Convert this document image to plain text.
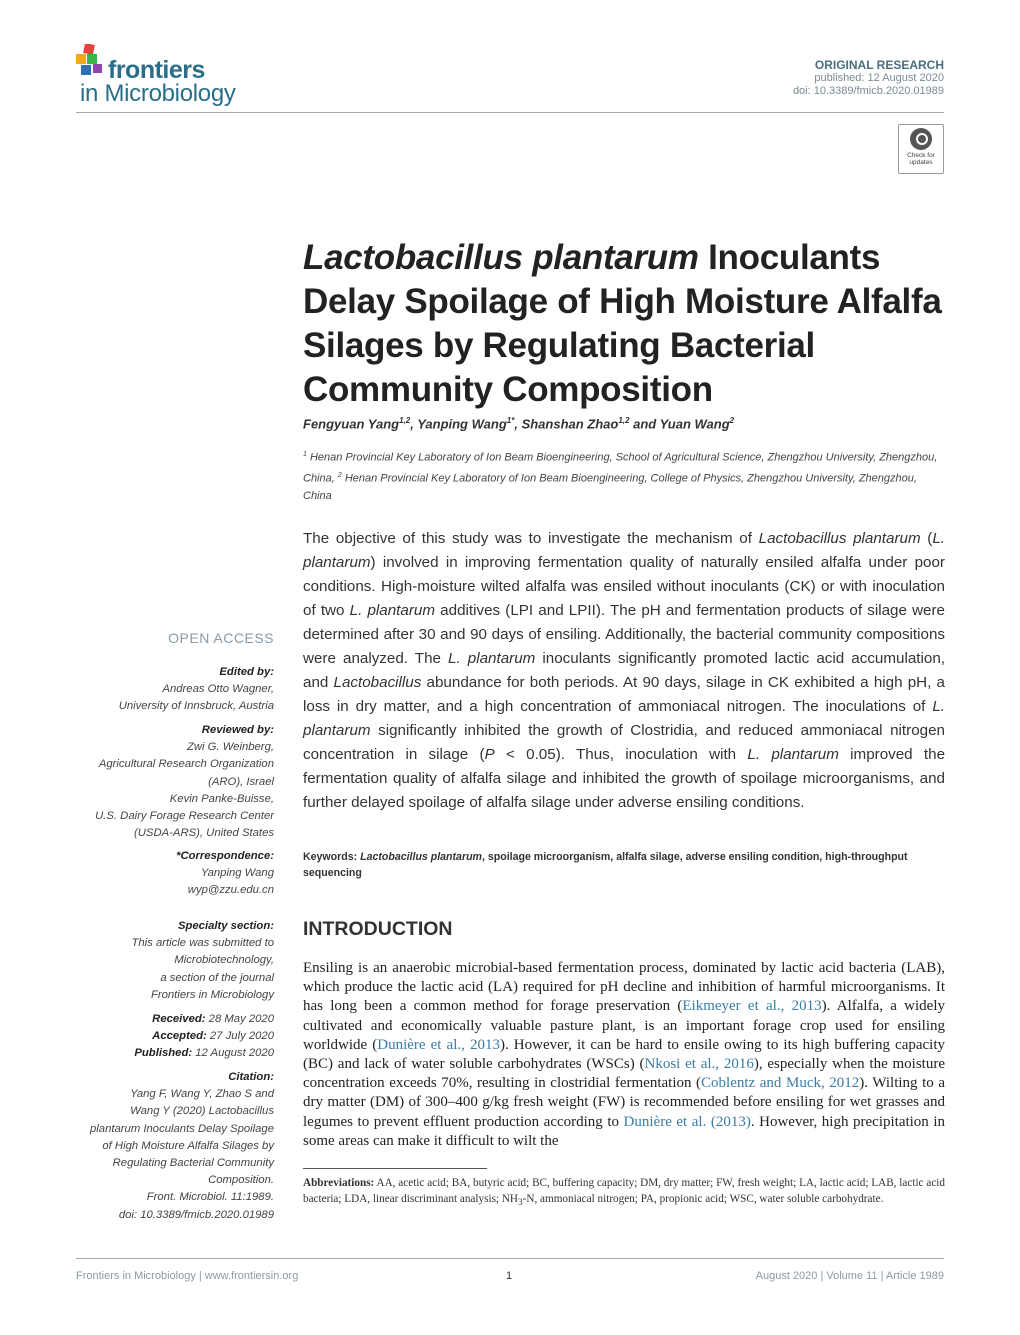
frontiers
in Microbiology
ORIGINAL RESEARCH
published: 12 August 2020
doi: 10.3389/fmicb.2020.01989
Check for
updates
Lactobacillus plantarum Inoculants Delay Spoilage of High Moisture Alfalfa Silages by Regulating Bacterial Community Composition
Fengyuan Yang$^{1,2}$, Yanping Wang$^{1*}$, Shanshan Zhao$^{1,2}$ and Yuan Wang$^2$
$^1$ Henan Provincial Key Laboratory of Ion Beam Bioengineering, School of Agricultural Science, Zhengzhou University, Zhengzhou, China, $^2$ Henan Provincial Key Laboratory of Ion Beam Bioengineering, College of Physics, Zhengzhou University, Zhengzhou, China
The objective of this study was to investigate the mechanism of Lactobacillus plantarum (L. plantarum) involved in improving fermentation quality of naturally ensiled alfalfa under poor conditions. High-moisture wilted alfalfa was ensiled without inoculants (CK) or with inoculation of two L. plantarum additives (LPI and LPII). The pH and fermentation products of silage were determined after 30 and 90 days of ensiling. Additionally, the bacterial community compositions were analyzed. The L. plantarum inoculants significantly promoted lactic acid accumulation, and Lactobacillus abundance for both periods. At 90 days, silage in CK exhibited a high pH, a loss in dry matter, and a high concentration of ammoniacal nitrogen. The inoculations of L. plantarum significantly inhibited the growth of Clostridia, and reduced ammoniacal nitrogen concentration in silage (P < 0.05). Thus, inoculation with L. plantarum improved the fermentation quality of alfalfa silage and inhibited the growth of spoilage microorganisms, and further delayed spoilage of alfalfa silage under adverse ensiling conditions.
Keywords: Lactobacillus plantarum, spoilage microorganism, alfalfa silage, adverse ensiling condition, high-throughput sequencing
OPEN ACCESS
Edited by:
Andreas Otto Wagner,
University of Innsbruck, Austria
Reviewed by:
Zwi G. Weinberg,
Agricultural Research Organization
(ARO), Israel
Kevin Panke-Buisse,
U.S. Dairy Forage Research Center
(USDA-ARS), United States
*Correspondence:
Yanping Wang
wyp@zzu.edu.cn
Specialty section:
This article was submitted to
Microbiotechnology,
a section of the journal
Frontiers in Microbiology
Received: 28 May 2020
Accepted: 27 July 2020
Published: 12 August 2020
Citation:
Yang F, Wang Y, Zhao S and
Wang Y (2020) Lactobacillus
plantarum Inoculants Delay Spoilage
of High Moisture Alfalfa Silages by
Regulating Bacterial Community
Composition.
Front. Microbiol. 11:1989.
doi: 10.3389/fmicb.2020.01989
INTRODUCTION
Ensiling is an anaerobic microbial-based fermentation process, dominated by lactic acid bacteria (LAB), which produce the lactic acid (LA) required for pH decline and inhibition of harmful microorganisms. It has long been a common method for forage preservation (Eikmeyer et al., 2013). Alfalfa, a widely cultivated and economically valuable pasture plant, is an important forage crop used for ensiling worldwide (Dunière et al., 2013). However, it can be hard to ensile owing to its high buffering capacity (BC) and lack of water soluble carbohydrates (WSCs) (Nkosi et al., 2016), especially when the moisture concentration exceeds 70%, resulting in clostridial fermentation (Coblentz and Muck, 2012). Wilting to a dry matter (DM) of 300–400 g/kg fresh weight (FW) is recommended before ensiling for wet grasses and legumes to prevent effluent production according to Dunière et al. (2013). However, high precipitation in some areas can make it difficult to wilt the
Abbreviations: AA, acetic acid; BA, butyric acid; BC, buffering capacity; DM, dry matter; FW, fresh weight; LA, lactic acid; LAB, lactic acid bacteria; LDA, linear discriminant analysis; $NH_3-N$, ammoniacal nitrogen; PA, propionic acid; WSC, water soluble carbohydrate.
Frontiers in Microbiology | www.frontiersin.org	1	August 2020 | Volume 11 | Article 1989
